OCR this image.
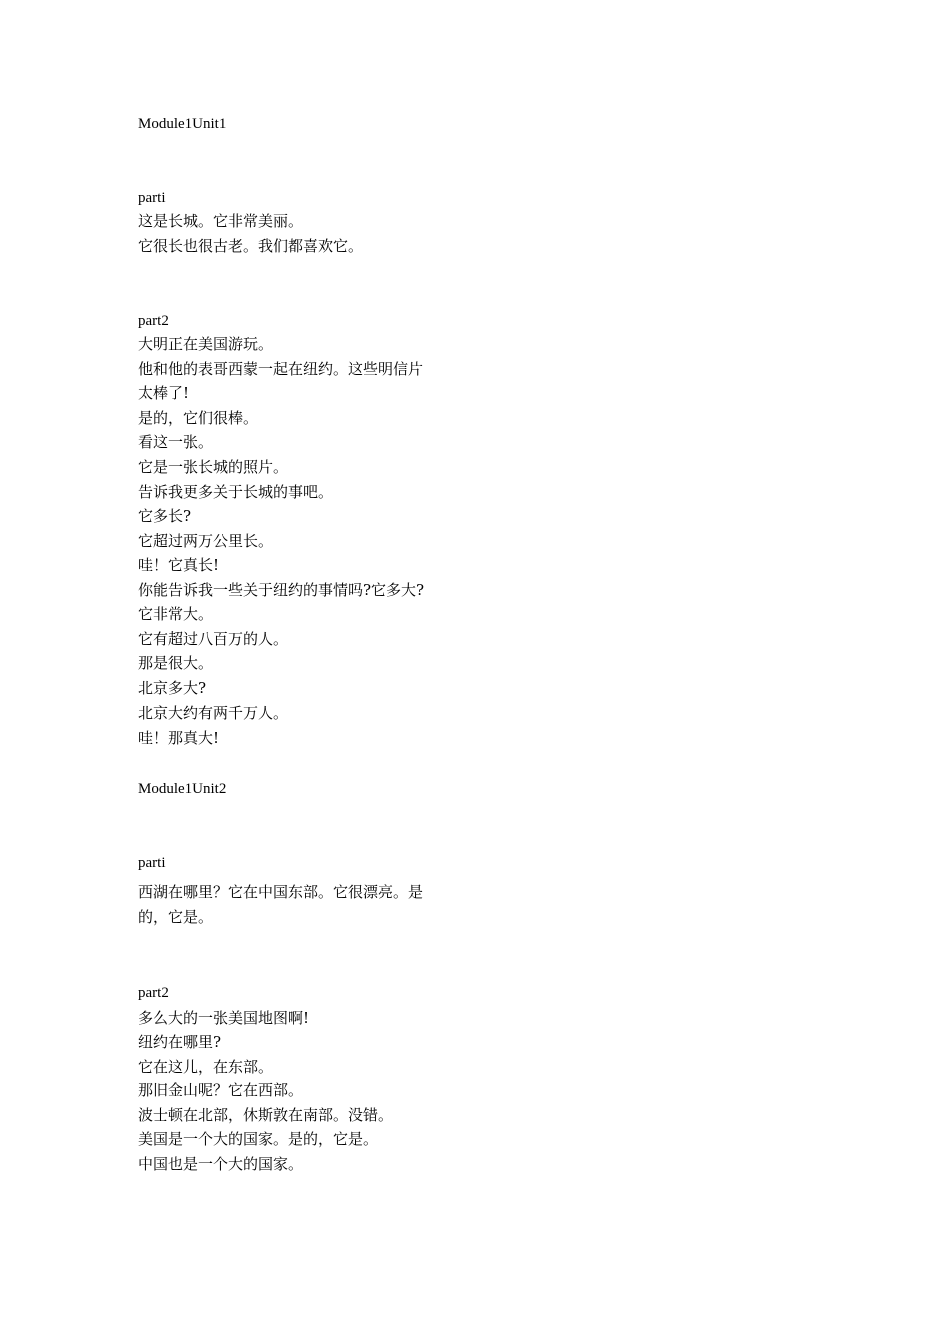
Module1Unit1
parti
这是长城。它非常美丽。
它很长也很古老。我们都喜欢它。
part2
大明正在美国游玩。
他和他的表哥西蒙一起在纽约。这些明信片
太棒了!
是的，它们很棒。
看这一张。
它是一张长城的照片。
告诉我更多关于长城的事吧。
它多长?
它超过两万公里长。
哇！它真长!
你能告诉我一些关于纽约的事情吗?它多大?
它非常大。
它有超过八百万的人。
那是很大。
北京多大?
北京大约有两千万人。
哇！那真大!
Module1Unit2
parti
西湖在哪里？它在中国东部。它很漂亮。是
的，它是。
part2
多么大的一张美国地图啊!
纽约在哪里?
它在这儿，在东部。
那旧金山呢？它在西部。
波士顿在北部，休斯敦在南部。没错。
美国是一个大的国家。是的，它是。
中国也是一个大的国家。
